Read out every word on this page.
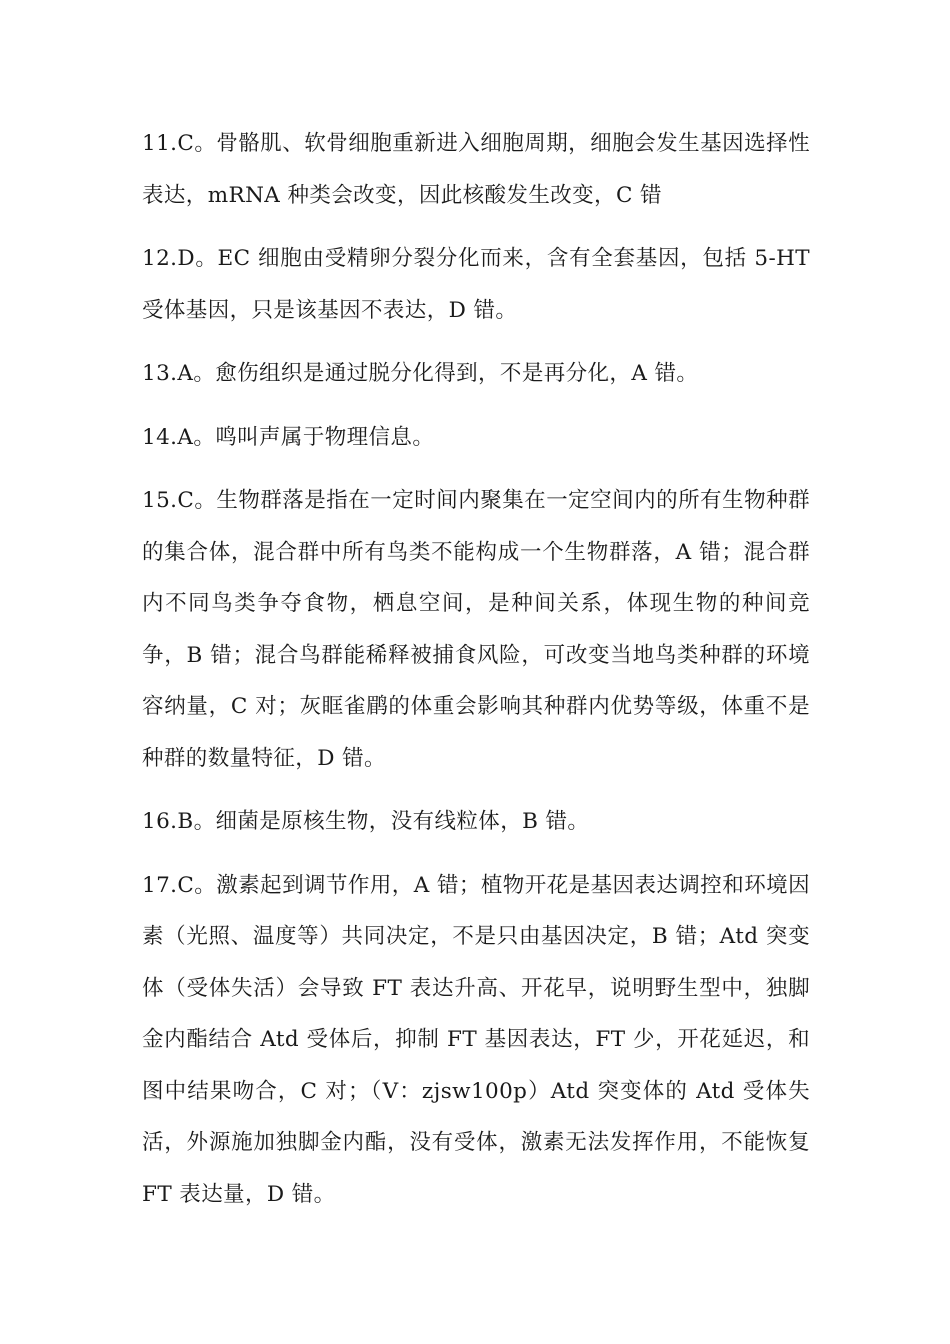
11.C。骨骼肌、软骨细胞重新进入细胞周期，细胞会发生基因选择性表达，mRNA 种类会改变，因此核酸发生改变，C 错

12.D。EC 细胞由受精卵分裂分化而来，含有全套基因，包括 5-HT 受体基因，只是该基因不表达，D 错。

13.A。愈伤组织是通过脱分化得到，不是再分化，A 错。

14.A。鸣叫声属于物理信息。

15.C。生物群落是指在一定时间内聚集在一定空间内的所有生物种群的集合体，混合群中所有鸟类不能构成一个生物群落，A 错；混合群内不同鸟类争夺食物，栖息空间，是种间关系，体现生物的种间竞争，B 错；混合鸟群能稀释被捕食风险，可改变当地鸟类种群的环境容纳量，C 对；灰眶雀鹛的体重会影响其种群内优势等级，体重不是种群的数量特征，D 错。

16.B。细菌是原核生物，没有线粒体，B 错。

17.C。激素起到调节作用，A 错；植物开花是基因表达调控和环境因素（光照、温度等）共同决定，不是只由基因决定，B 错；Atd 突变体（受体失活）会导致 FT 表达升高、开花早，说明野生型中，独脚金内酯结合 Atd 受体后，抑制 FT 基因表达，FT 少，开花延迟，和图中结果吻合，C 对；（V：zjsw100p）Atd 突变体的 Atd 受体失活，外源施加独脚金内酯，没有受体，激素无法发挥作用，不能恢复 FT 表达量，D 错。
